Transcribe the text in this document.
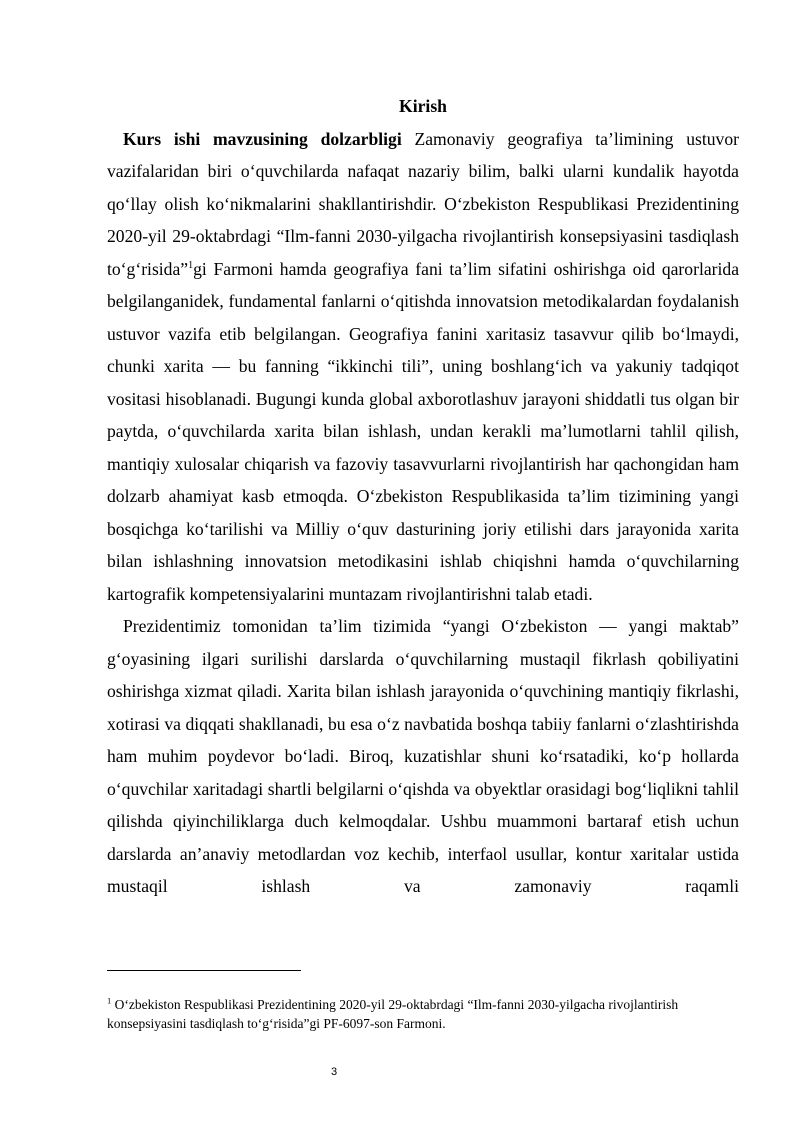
Kirish

Kurs ishi mavzusining dolzarbligi Zamonaviy geografiya ta’limining ustuvor vazifalaridan biri o‘quvchilarda nafaqat nazariy bilim, balki ularni kundalik hayotda qo‘llay olish ko‘nikmalarini shakllantirishdir. O‘zbekiston Respublikasi Prezidentining 2020-yil 29-oktabrdagi “Ilm-fanni 2030-yilgacha rivojlantirish konsepsiyasini tasdiqlash to‘g‘risida”$^1$gi Farmoni hamda geografiya fani ta’lim sifatini oshirishga oid qarorlarida belgilanganidek, fundamental fanlarni o‘qitishda innovatsion metodikalardan foydalanish ustuvor vazifa etib belgilangan. Geografiya fanini xaritasiz tasavvur qilib bo‘lmaydi, chunki xarita — bu fanning “ikkinchi tili”, uning boshlang‘ich va yakuniy tadqiqot vositasi hisoblanadi. Bugungi kunda global axborotlashuv jarayoni shiddatli tus olgan bir paytda, o‘quvchilarda xarita bilan ishlash, undan kerakli ma’lumotlarni tahlil qilish, mantiqiy xulosalar chiqarish va fazoviy tasavvurlarni rivojlantirish har qachongidan ham dolzarb ahamiyat kasb etmoqda. O‘zbekiston Respublikasida ta’lim tizimining yangi bosqichga ko‘tarilishi va Milliy o‘quv dasturining joriy etilishi dars jarayonida xarita bilan ishlashning innovatsion metodikasini ishlab chiqishni hamda o‘quvchilarning kartografik kompetensiyalarini muntazam rivojlantirishni talab etadi.

Prezidentimiz tomonidan ta’lim tizimida “yangi O‘zbekiston — yangi maktab” g‘oyasining ilgari surilishi darslarda o‘quvchilarning mustaqil fikrlash qobiliyatini oshirishga xizmat qiladi. Xarita bilan ishlash jarayonida o‘quvchining mantiqiy fikrlashi, xotirasi va diqqati shakllanadi, bu esa o‘z navbatida boshqa tabiiy fanlarni o‘zlashtirishda ham muhim poydevor bo‘ladi. Biroq, kuzatishlar shuni ko‘rsatadiki, ko‘p hollarda o‘quvchilar xaritadagi shartli belgilarni o‘qishda va obyektlar orasidagi bog‘liqlikni tahlil qilishda qiyinchiliklarga duch kelmoqdalar. Ushbu muammoni bartaraf etish uchun darslarda an’anaviy metodlardan voz kechib, interfaol usullar, kontur xaritalar ustida mustaqil ishlash va zamonaviy raqamli

$^1$ O‘zbekiston Respublikasi Prezidentining 2020-yil 29-oktabrdagi “Ilm-fanni 2030-yilgacha rivojlantirish konsepsiyasini tasdiqlash to‘g‘risida”gi PF-6097-son Farmoni.
3
